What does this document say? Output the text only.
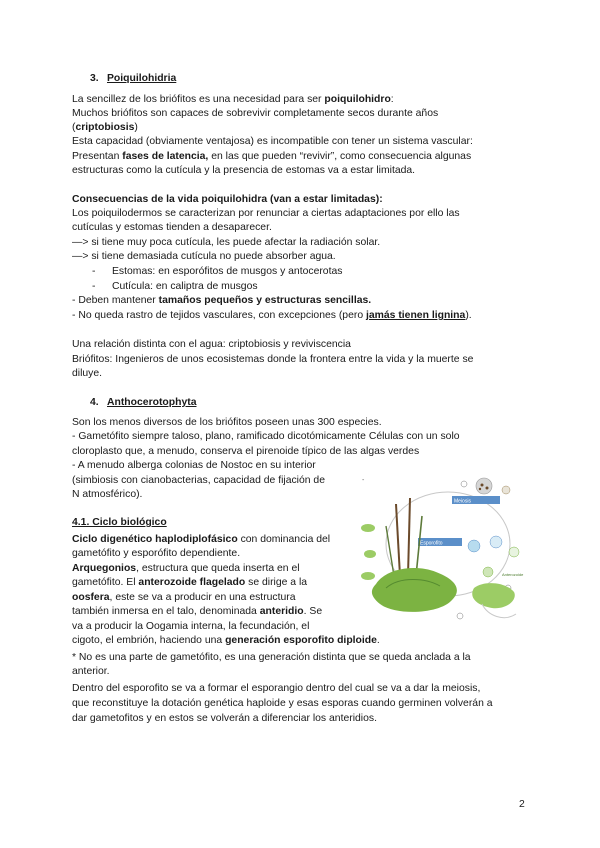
3. Poiquilohidria
La sencillez de los briófitos es una necesidad para ser poiquilohidro:
Muchos briófitos son capaces de sobrevivir completamente secos durante años
(criptobiosis)
Esta capacidad (obviamente ventajosa) es incompatible con tener un sistema vascular:
Presentan fases de latencia, en las que pueden “revivir”, como consecuencia algunas
estructuras como la cutícula y la presencia de estomas va a estar limitada.
Consecuencias de la vida poiquilohidra (van a estar limitadas):
Los poiquilodermos se caracterizan por renunciar a ciertas adaptaciones por ello las
cutículas y estomas tienden a desaparecer.
—> si tiene muy poca cutícula, les puede afectar la radiación solar.
—> si tiene demasiada cutícula no puede absorber agua.
- Estomas: en esporófitos de musgos y antocerotas
- Cutícula: en caliptra de musgos
- Deben mantener tamaños pequeños y estructuras sencillas.
- No queda rastro de tejidos vasculares, con excepciones (pero jamás tienen lignina).
Una relación distinta con el agua: criptobiosis y reviviscencia
Briófitos: Ingenieros de unos ecosistemas donde la frontera entre la vida y la muerte se
diluye.
4. Anthocerotophyta
Son los menos diversos de los briófitos poseen unas 300 especies.
- Gametófito siempre taloso, plano, ramificado dicotómicamente Células con un solo
cloroplasto que, a menudo, conserva el pirenoide típico de las algas verdes
- A menudo alberga colonias de Nostoc en su interior
(simbiosis con cianobacterias, capacidad de fijación de
N atmosférico).
-
4.1. Ciclo biológico
Ciclo digenético haplodiplofásico con dominancia del
gametófito y esporófito dependiente.
Arquegonios, estructura que queda inserta en el
gametófito. El anterozoide flagelado se dirige a la
oosfera, este se va a producir en una estructura
también inmersa en el talo, denominada anteridio. Se
va a producir la Oogamia interna, la fecundación, el
cigoto, el embrión, haciendo una generación esporofito diploide.
* No es una parte de gametófito, es una generación distinta que se queda anclada a la
anterior.
Dentro del esporofito se va a formar el esporangio dentro del cual se va a dar la meiosis,
que reconstituye la dotación genética haploide y esas esporas cuando germinen volverán a
dar gametofitos y en estos se volverán a diferenciar los anteridios.
Meiosis
Esporofito
Anterozoide
2
